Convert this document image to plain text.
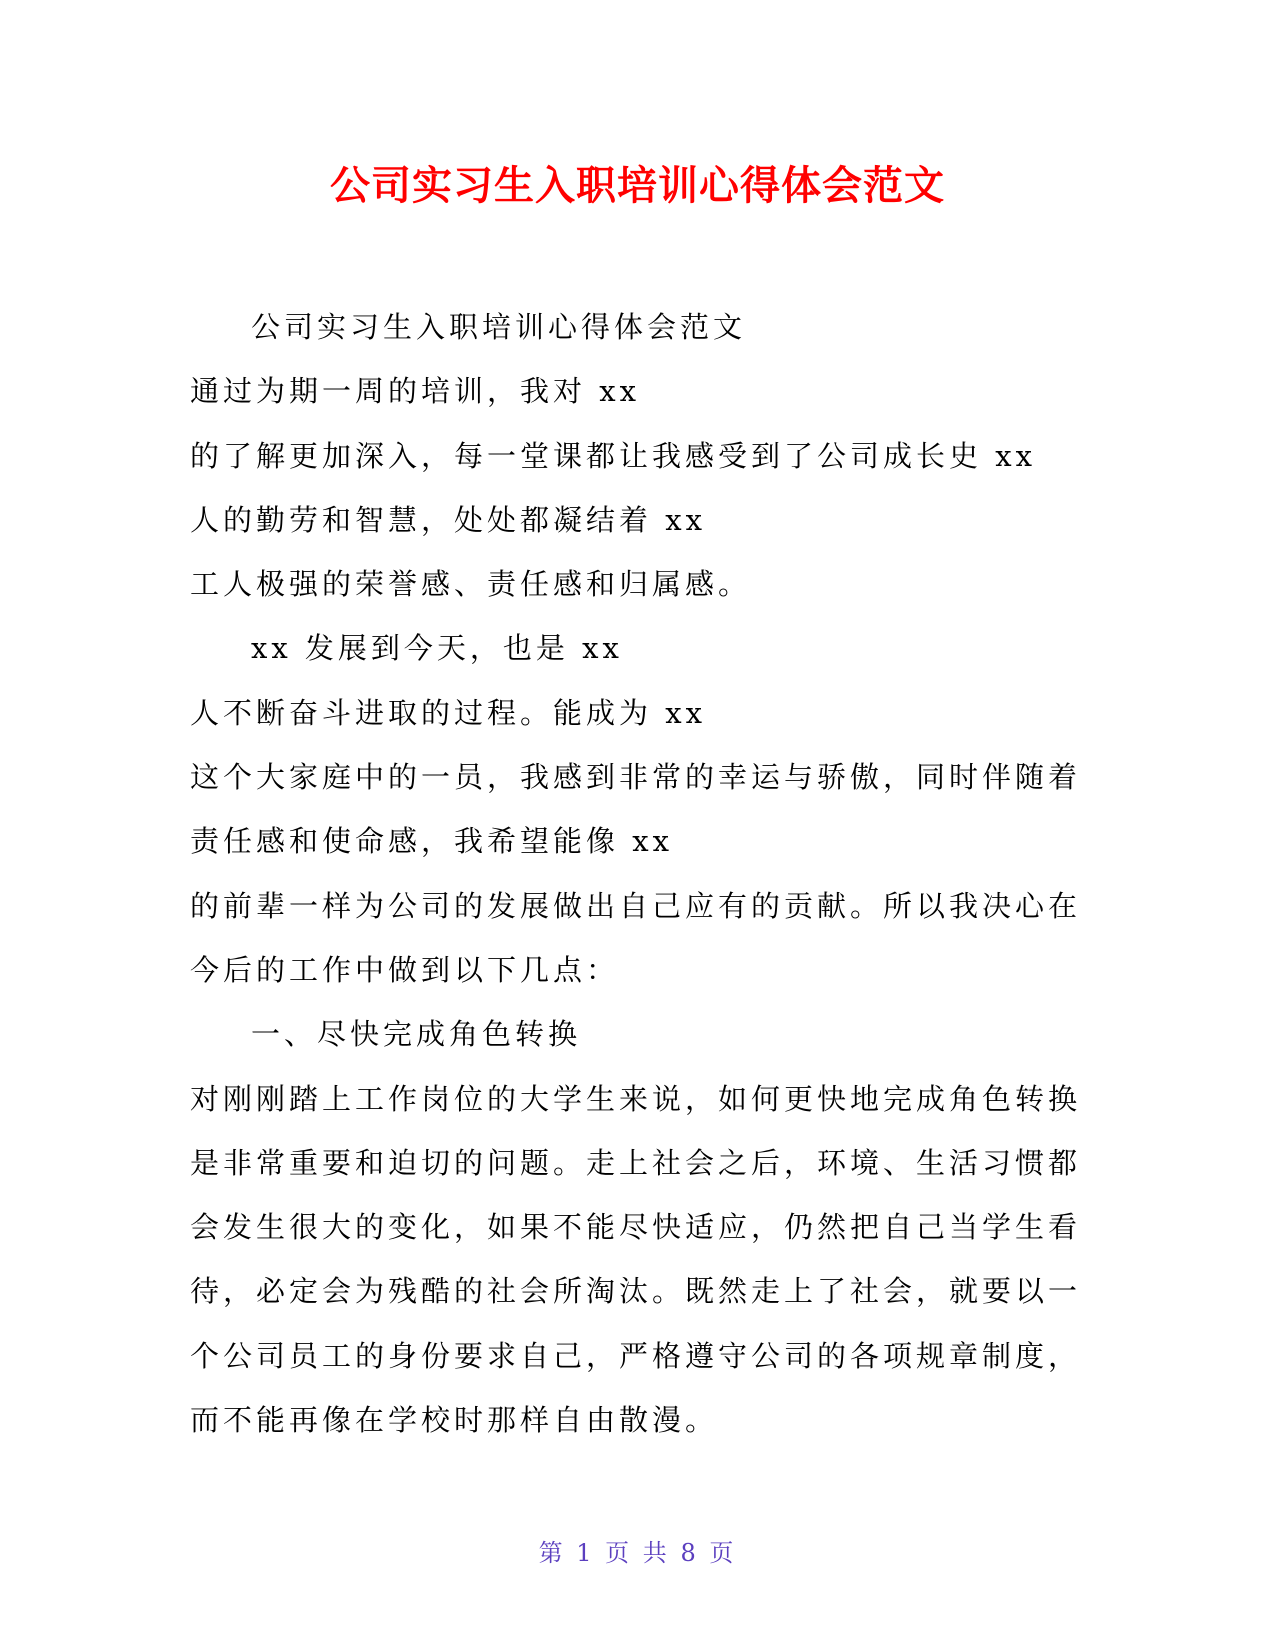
公司实习生入职培训心得体会范文
公司实习生入职培训心得体会范文
通过为期一周的培训，我对 xx
的了解更加深入，每一堂课都让我感受到了公司成长史 xx
人的勤劳和智慧，处处都凝结着 xx
工人极强的荣誉感、责任感和归属感。
xx 发展到今天，也是 xx
人不断奋斗进取的过程。能成为 xx
这个大家庭中的一员，我感到非常的幸运与骄傲，同时伴随着
责任感和使命感，我希望能像 xx
的前辈一样为公司的发展做出自己应有的贡献。所以我决心在
今后的工作中做到以下几点：
一、尽快完成角色转换
对刚刚踏上工作岗位的大学生来说，如何更快地完成角色转换
是非常重要和迫切的问题。走上社会之后，环境、生活习惯都
会发生很大的变化，如果不能尽快适应，仍然把自己当学生看
待，必定会为残酷的社会所淘汰。既然走上了社会，就要以一
个公司员工的身份要求自己，严格遵守公司的各项规章制度，
而不能再像在学校时那样自由散漫。
第 1 页 共 8 页
